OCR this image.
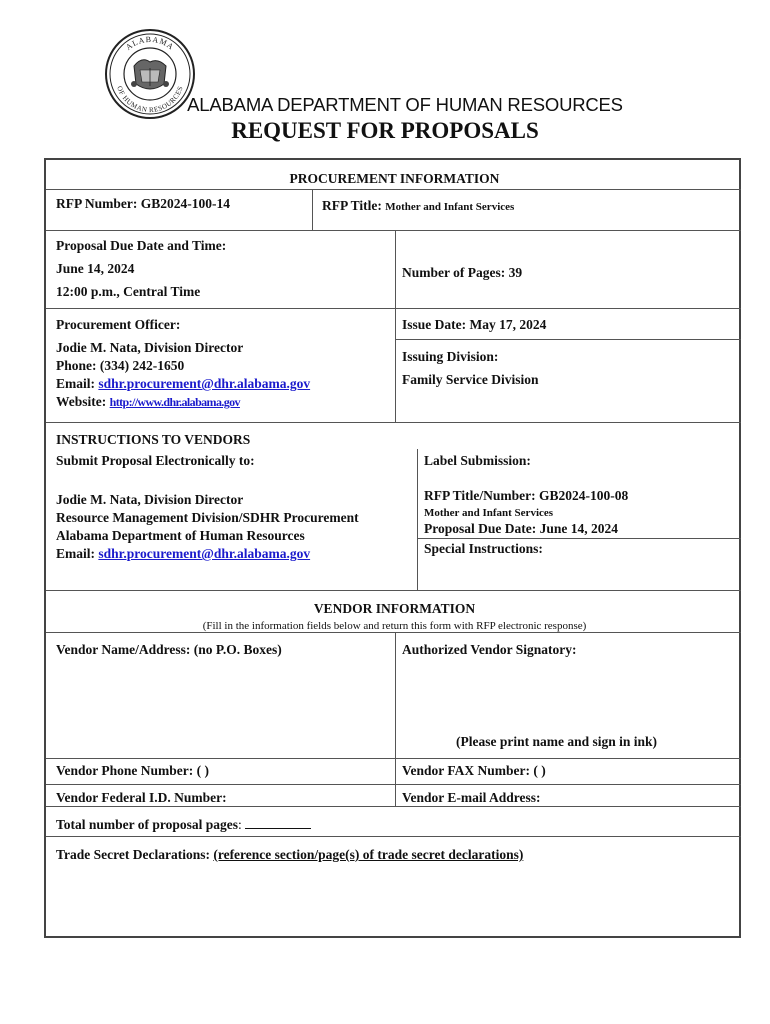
ALABAMA
OF HUMAN RESOURCES
ALABAMA DEPARTMENT OF HUMAN RESOURCES
REQUEST FOR PROPOSALS
PROCUREMENT INFORMATION
RFP Number: GB2024-100-14	RFP Title: Mother and Infant Services
Proposal Due Date and Time:
June 14, 2024
12:00 p.m., Central Time
Number of Pages: 39
Procurement Officer:
Jodie M. Nata, Division Director
Phone: (334) 242-1650
Email: sdhr.procurement@dhr.alabama.gov
Website: http://www.dhr.alabama.gov
Issue Date: May 17, 2024
Issuing Division:
Family Service Division
INSTRUCTIONS TO VENDORS
Submit Proposal Electronically to:
Jodie M. Nata, Division Director
Resource Management Division/SDHR Procurement
Alabama Department of Human Resources
Email: sdhr.procurement@dhr.alabama.gov
Label Submission:
RFP Title/Number: GB2024-100-08
Mother and Infant Services
Proposal Due Date: June 14, 2024
Special Instructions:
VENDOR INFORMATION
(Fill in the information fields below and return this form with RFP electronic response)
Vendor Name/Address: (no P.O. Boxes)	Authorized Vendor Signatory:
(Please print name and sign in ink)
Vendor Phone Number: ( )	Vendor FAX Number: ( )
Vendor Federal I.D. Number:	Vendor E-mail Address:
Total number of proposal pages:
Trade Secret Declarations: (reference section/page(s) of trade secret declarations)
